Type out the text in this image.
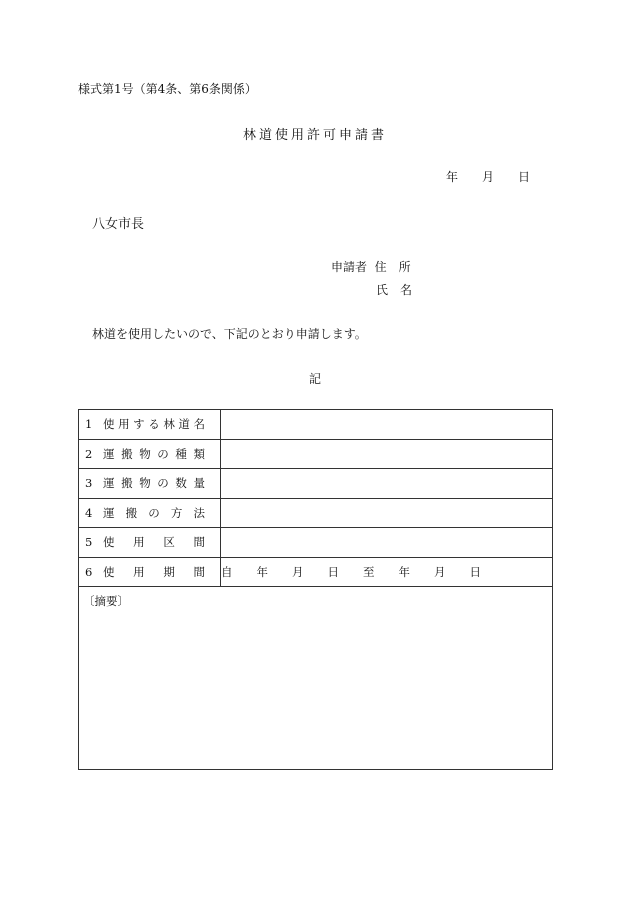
様式第1号（第4条、第6条関係）
林道使用許可申請書
年 月 日
八女市長
申請者 住　所
氏　名
林道を使用したいので、下記のとおり申請します。
記
1 使用する林道名	
2 運搬物の種類	
3 運搬物の数量	
4 運搬の方法	
5 使用区間	
6 使用期間	自 年 月 日 至 年 月 日
〔摘要〕	
